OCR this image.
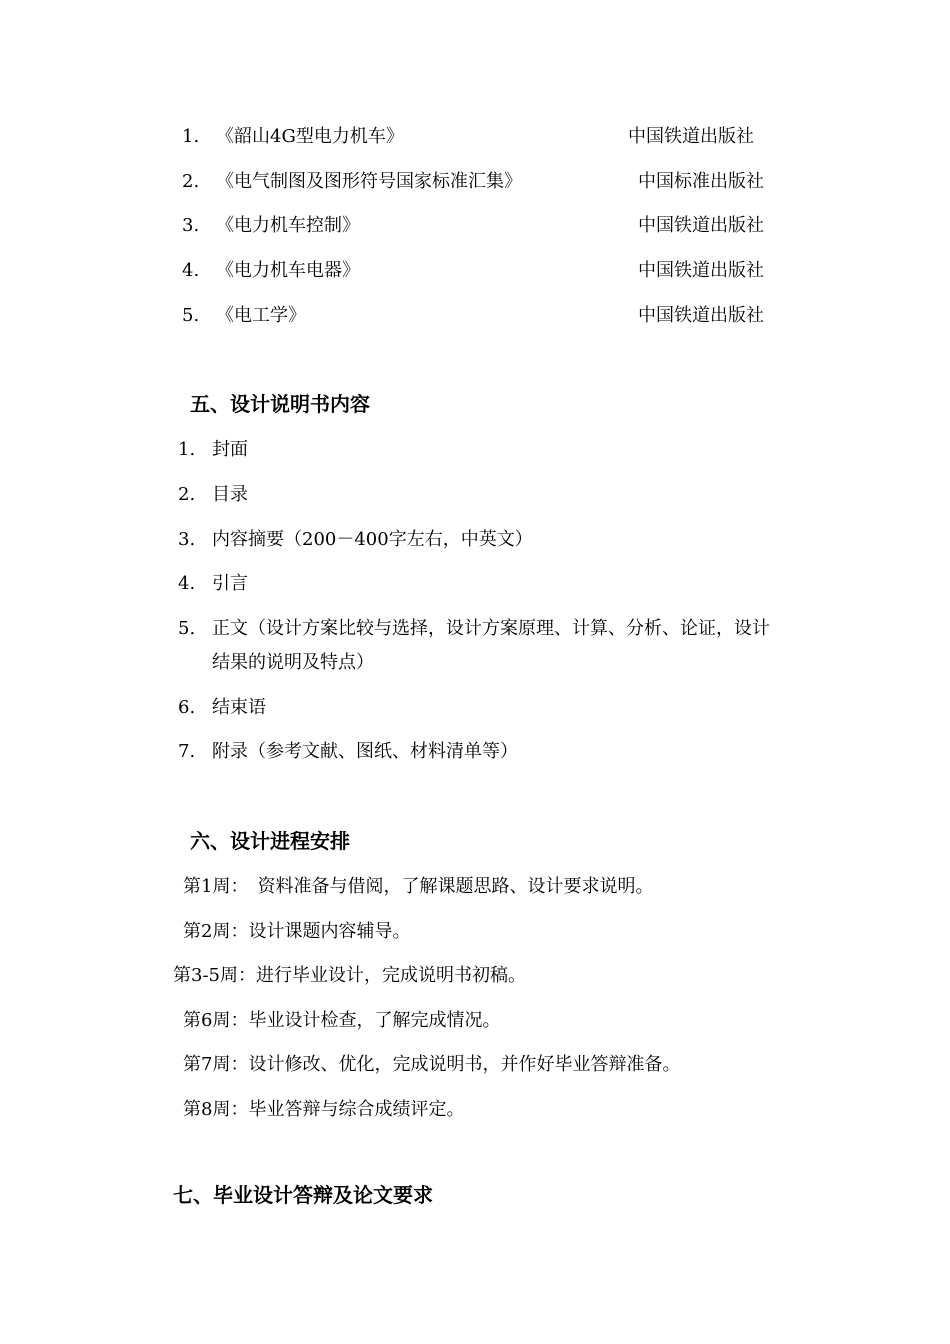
1. 《韶山4G型电力机车》	中国铁道出版社
2. 《电气制图及图形符号国家标准汇集》	中国标准出版社
3. 《电力机车控制》	中国铁道出版社
4. 《电力机车电器》	中国铁道出版社
5. 《电工学》	中国铁道出版社
五、设计说明书内容
1. 封面
2. 目录
3. 内容摘要（200－400字左右，中英文）
4. 引言
5. 正文（设计方案比较与选择，设计方案原理、计算、分析、论证，设计
结果的说明及特点）
6. 结束语
7. 附录（参考文献、图纸、材料清单等）
六、设计进程安排
第1周：　资料准备与借阅，了解课题思路、设计要求说明。
第2周：设计课题内容辅导。
第3-5周：进行毕业设计，完成说明书初稿。
第6周：毕业设计检查，了解完成情况。
第7周：设计修改、优化，完成说明书，并作好毕业答辩准备。
第8周：毕业答辩与综合成绩评定。
七、毕业设计答辩及论文要求
